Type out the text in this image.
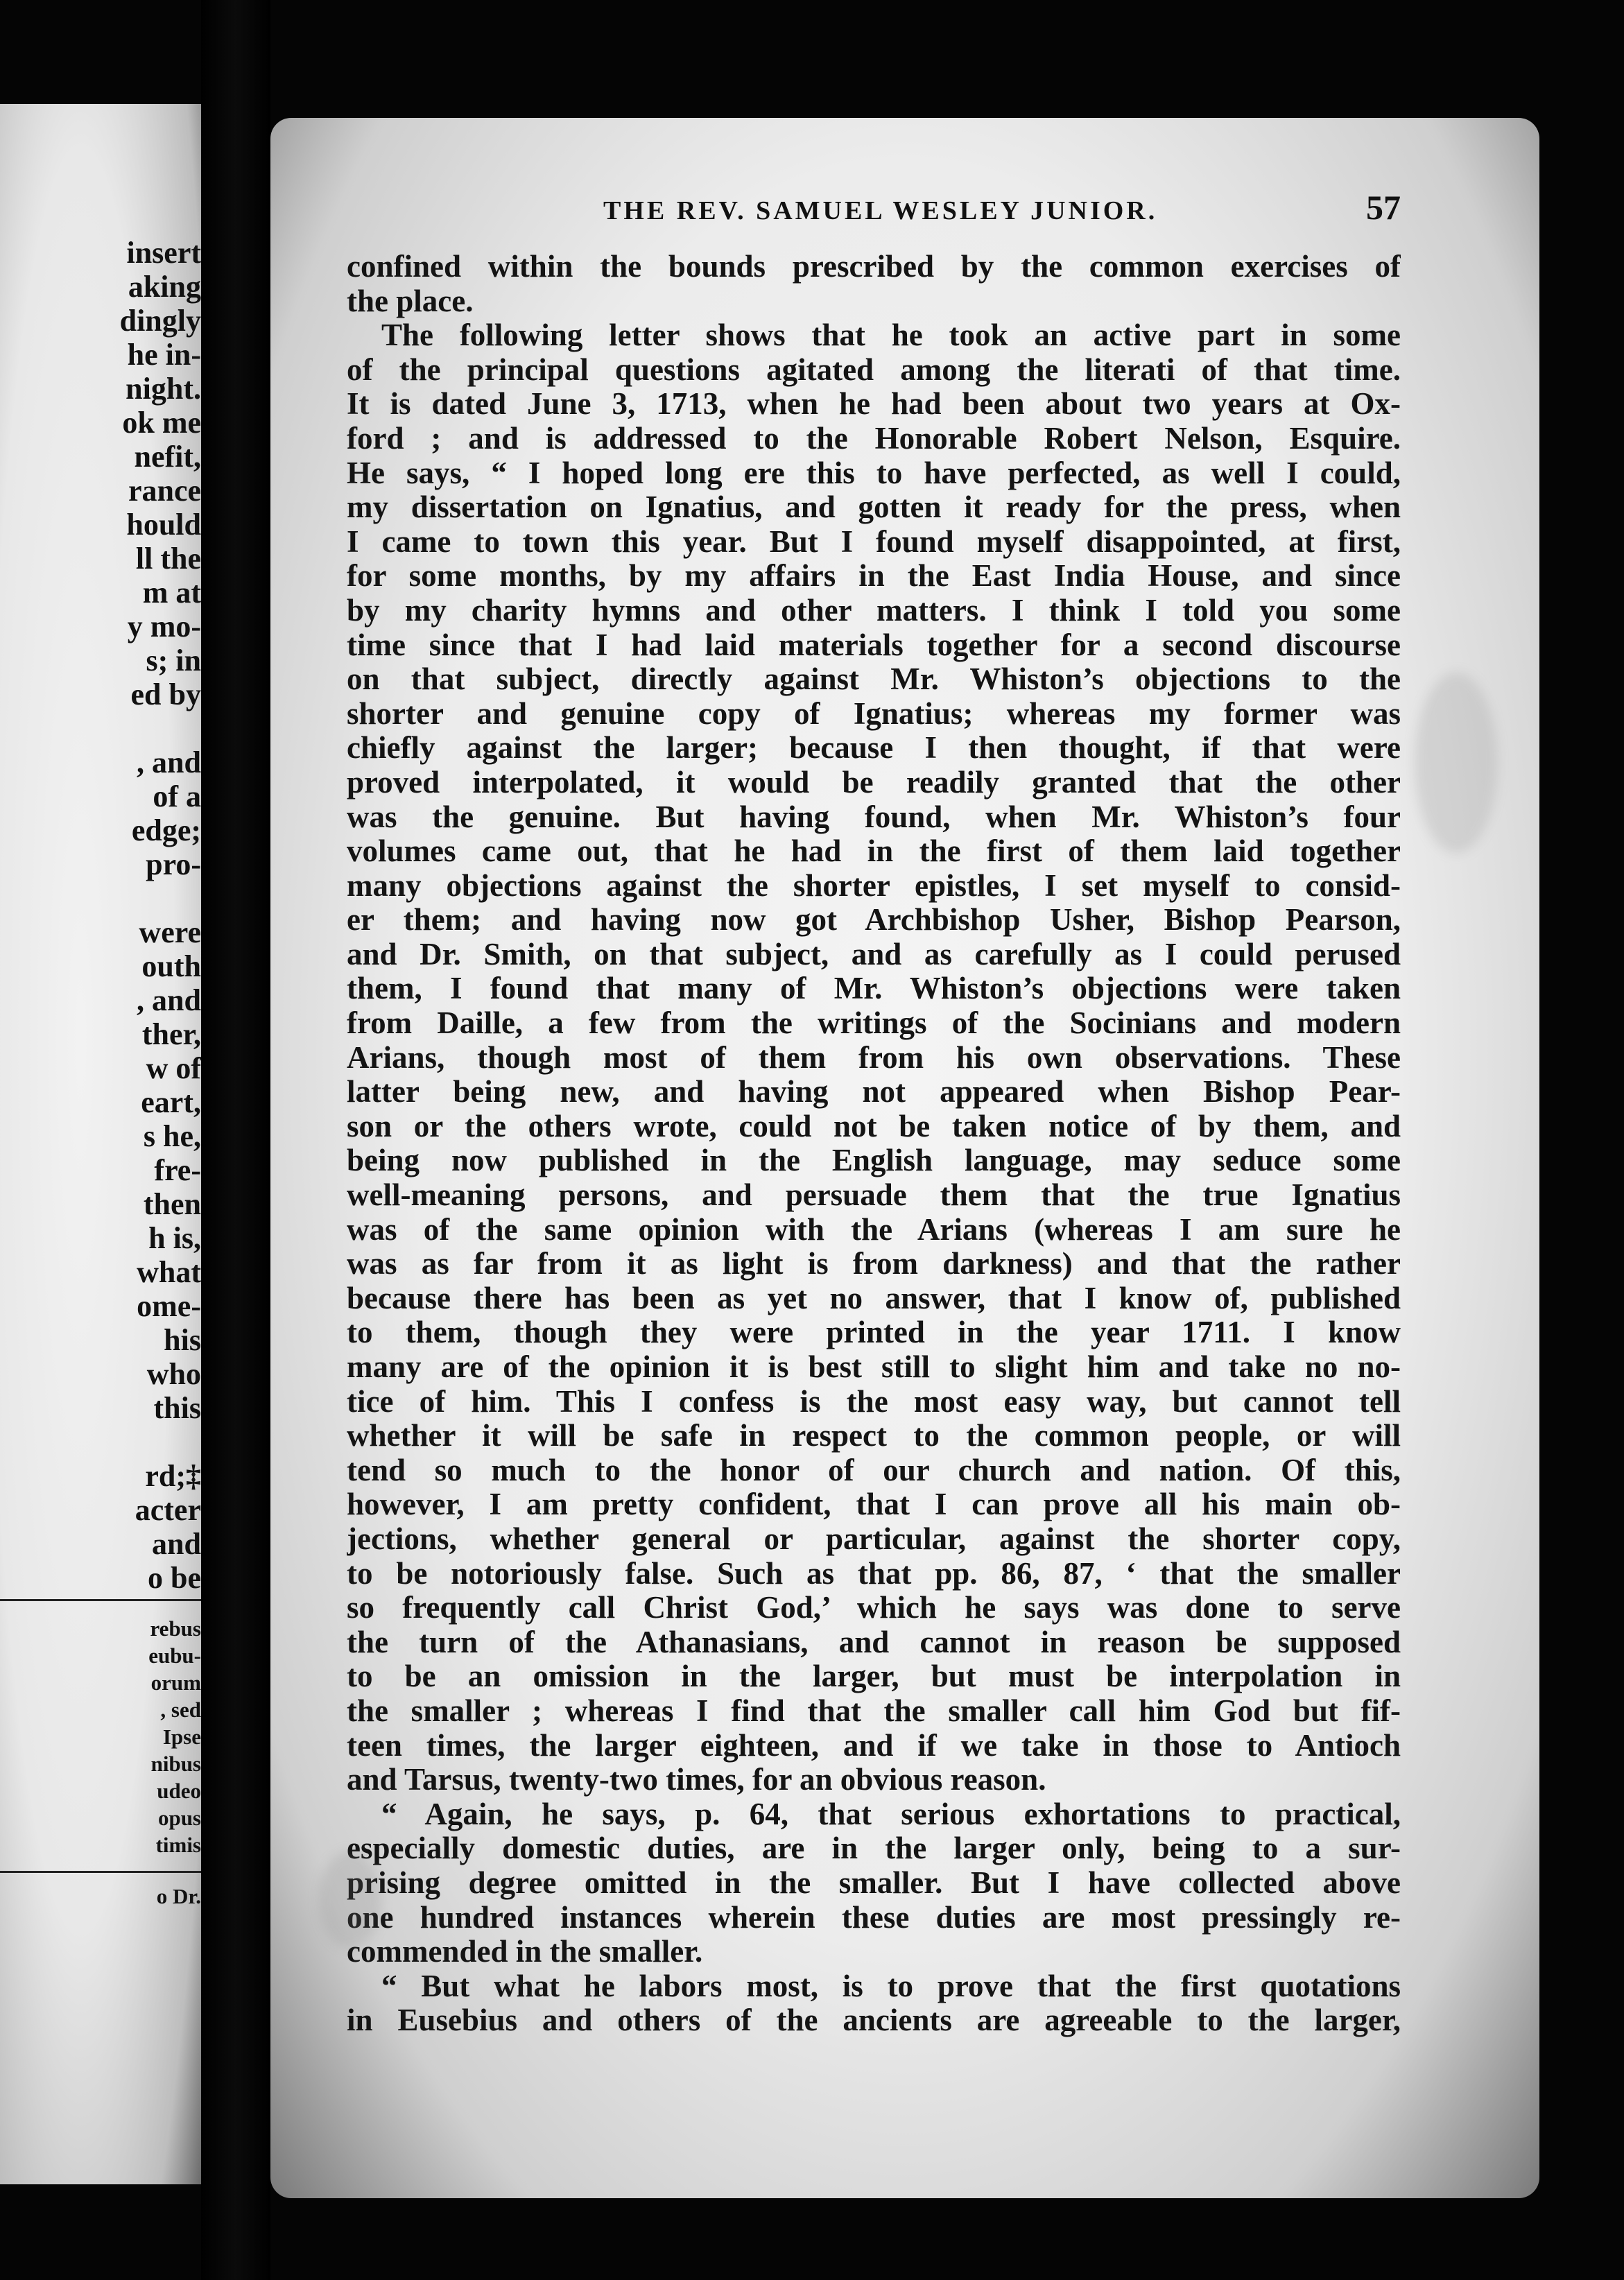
insert
aking
dingly
he in-
night.
ok me
nefit,
rance
hould
ll the
m at
y mo-
s; in
ed by
, and
of a
edge;
pro-
were
outh
, and
ther,
w of
eart,
s he,
fre-
then
h is,
what
ome-
his
who
this
rd;‡
acter
and
o be
rebus
eubu-
orum
, sed
Ipse
nibus
udeo
opus
timis
o Dr.
THE REV. SAMUEL WESLEY JUNIOR.	57
confined within the bounds prescribed by the common exercises of
the place.
The following letter shows that he took an active part in some
of the principal questions agitated among the literati of that time.
It is dated June 3, 1713, when he had been about two years at Ox-
ford ; and is addressed to the Honorable Robert Nelson, Esquire.
He says, “ I hoped long ere this to have perfected, as well I could,
my dissertation on Ignatius, and gotten it ready for the press, when
I came to town this year. But I found myself disappointed, at first,
for some months, by my affairs in the East India House, and since
by my charity hymns and other matters. I think I told you some
time since that I had laid materials together for a second discourse
on that subject, directly against Mr. Whiston’s objections to the
shorter and genuine copy of Ignatius; whereas my former was
chiefly against the larger; because I then thought, if that were
proved interpolated, it would be readily granted that the other
was the genuine. But having found, when Mr. Whiston’s four
volumes came out, that he had in the first of them laid together
many objections against the shorter epistles, I set myself to consid-
er them; and having now got Archbishop Usher, Bishop Pearson,
and Dr. Smith, on that subject, and as carefully as I could perused
them, I found that many of Mr. Whiston’s objections were taken
from Daille, a few from the writings of the Socinians and modern
Arians, though most of them from his own observations. These
latter being new, and having not appeared when Bishop Pear-
son or the others wrote, could not be taken notice of by them, and
being now published in the English language, may seduce some
well-meaning persons, and persuade them that the true Ignatius
was of the same opinion with the Arians (whereas I am sure he
was as far from it as light is from darkness) and that the rather
because there has been as yet no answer, that I know of, published
to them, though they were printed in the year 1711. I know
many are of the opinion it is best still to slight him and take no no-
tice of him. This I confess is the most easy way, but cannot tell
whether it will be safe in respect to the common people, or will
tend so much to the honor of our church and nation. Of this,
however, I am pretty confident, that I can prove all his main ob-
jections, whether general or particular, against the shorter copy,
to be notoriously false. Such as that pp. 86, 87, ‘ that the smaller
so frequently call Christ God,’ which he says was done to serve
the turn of the Athanasians, and cannot in reason be supposed
to be an omission in the larger, but must be interpolation in
the smaller ; whereas I find that the smaller call him God but fif-
teen times, the larger eighteen, and if we take in those to Antioch
and Tarsus, twenty-two times, for an obvious reason.
“ Again, he says, p. 64, that serious exhortations to practical,
especially domestic duties, are in the larger only, being to a sur-
prising degree omitted in the smaller. But I have collected above
one hundred instances wherein these duties are most pressingly re-
commended in the smaller.
“ But what he labors most, is to prove that the first quotations
in Eusebius and others of the ancients are agreeable to the larger,
